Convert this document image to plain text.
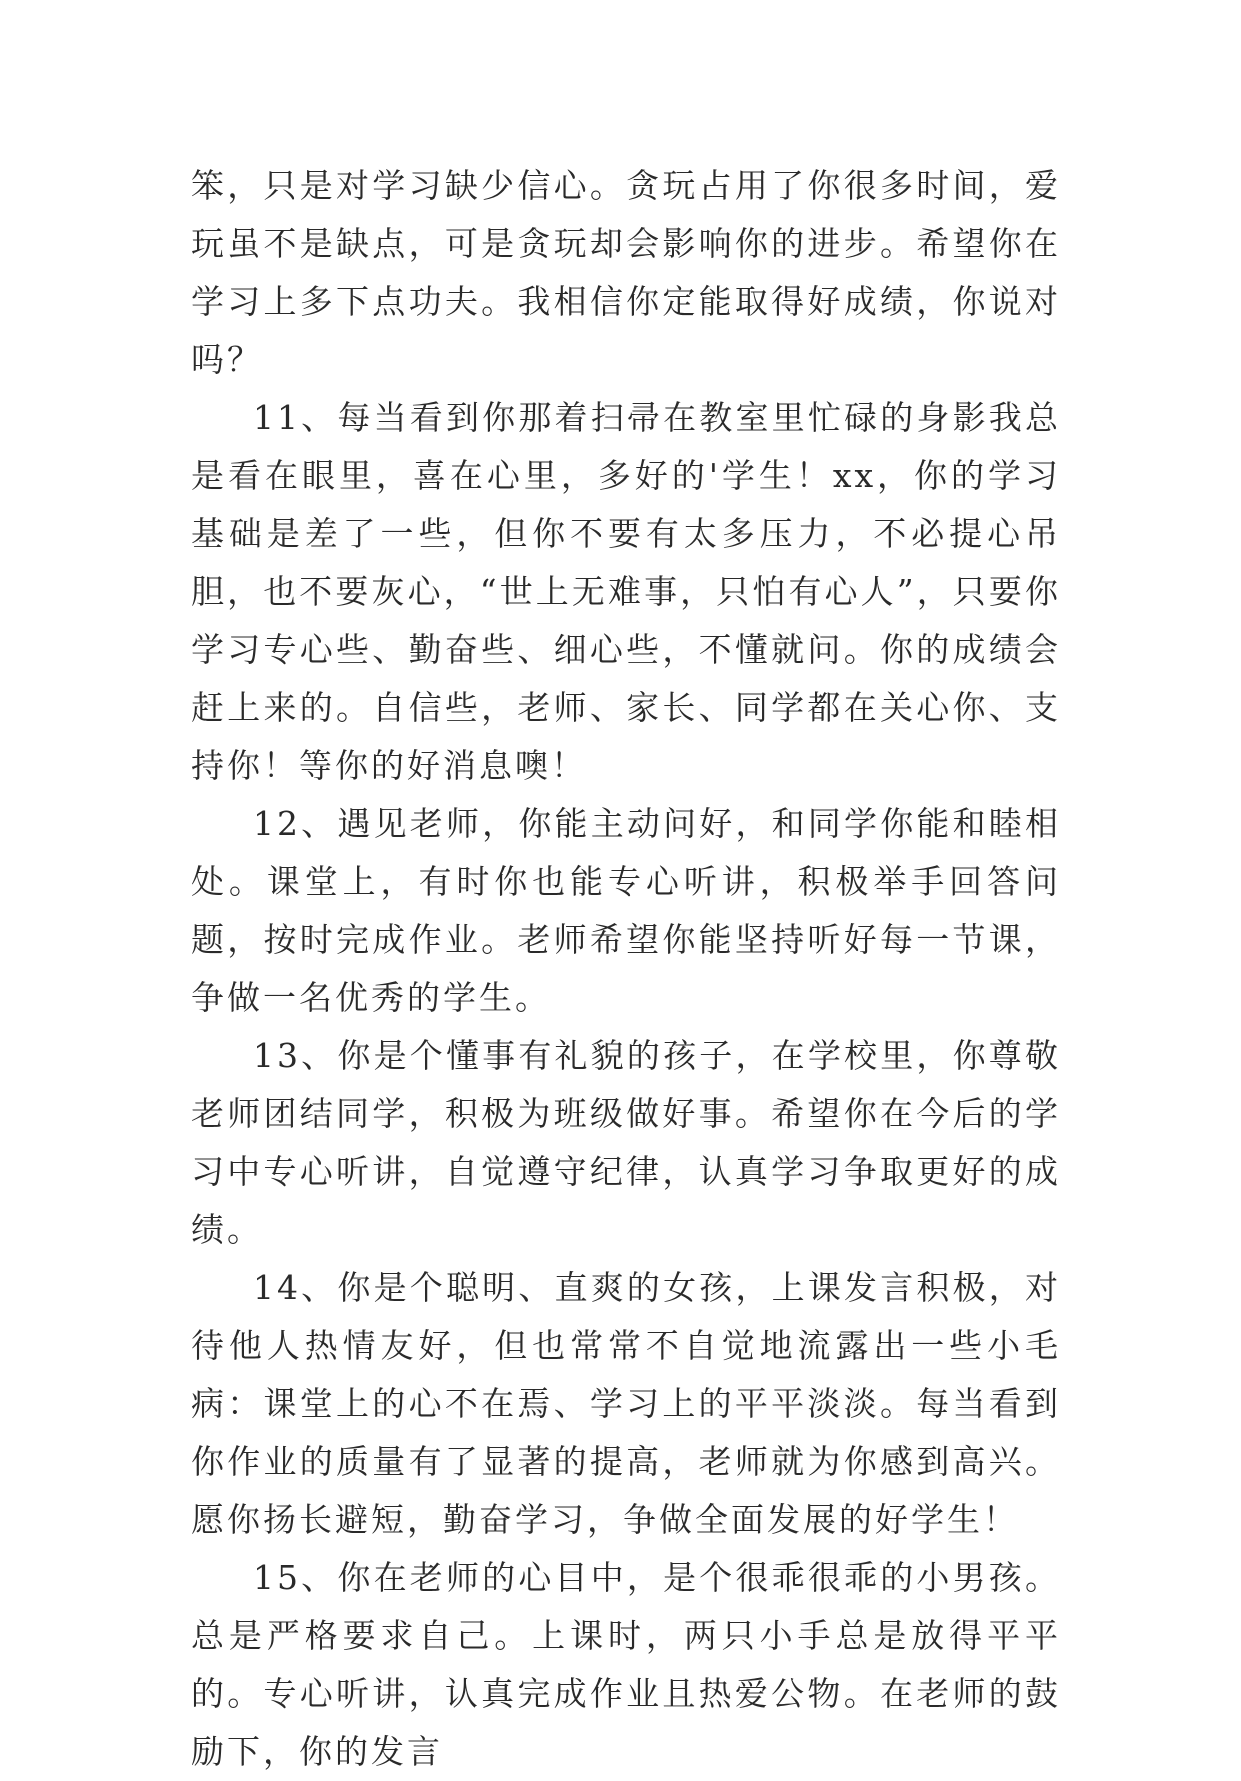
笨，只是对学习缺少信心。贪玩占用了你很多时间，爱玩虽不是缺点，可是贪玩却会影响你的进步。希望你在学习上多下点功夫。我相信你定能取得好成绩，你说对吗？

11、每当看到你那着扫帚在教室里忙碌的身影我总是看在眼里，喜在心里，多好的'学生！xx，你的学习基础是差了一些，但你不要有太多压力，不必提心吊胆，也不要灰心，“世上无难事，只怕有心人”，只要你学习专心些、勤奋些、细心些，不懂就问。你的成绩会赶上来的。自信些，老师、家长、同学都在关心你、支持你！等你的好消息噢！

12、遇见老师，你能主动问好，和同学你能和睦相处。课堂上，有时你也能专心听讲，积极举手回答问题，按时完成作业。老师希望你能坚持听好每一节课，争做一名优秀的学生。

13、你是个懂事有礼貌的孩子，在学校里，你尊敬老师团结同学，积极为班级做好事。希望你在今后的学习中专心听讲，自觉遵守纪律，认真学习争取更好的成绩。

14、你是个聪明、直爽的女孩，上课发言积极，对待他人热情友好，但也常常不自觉地流露出一些小毛病：课堂上的心不在焉、学习上的平平淡淡。每当看到你作业的质量有了显著的提高，老师就为你感到高兴。愿你扬长避短，勤奋学习，争做全面发展的好学生！

15、你在老师的心目中，是个很乖很乖的小男孩。总是严格要求自己。上课时，两只小手总是放得平平的。专心听讲，认真完成作业且热爱公物。在老师的鼓励下，你的发言
